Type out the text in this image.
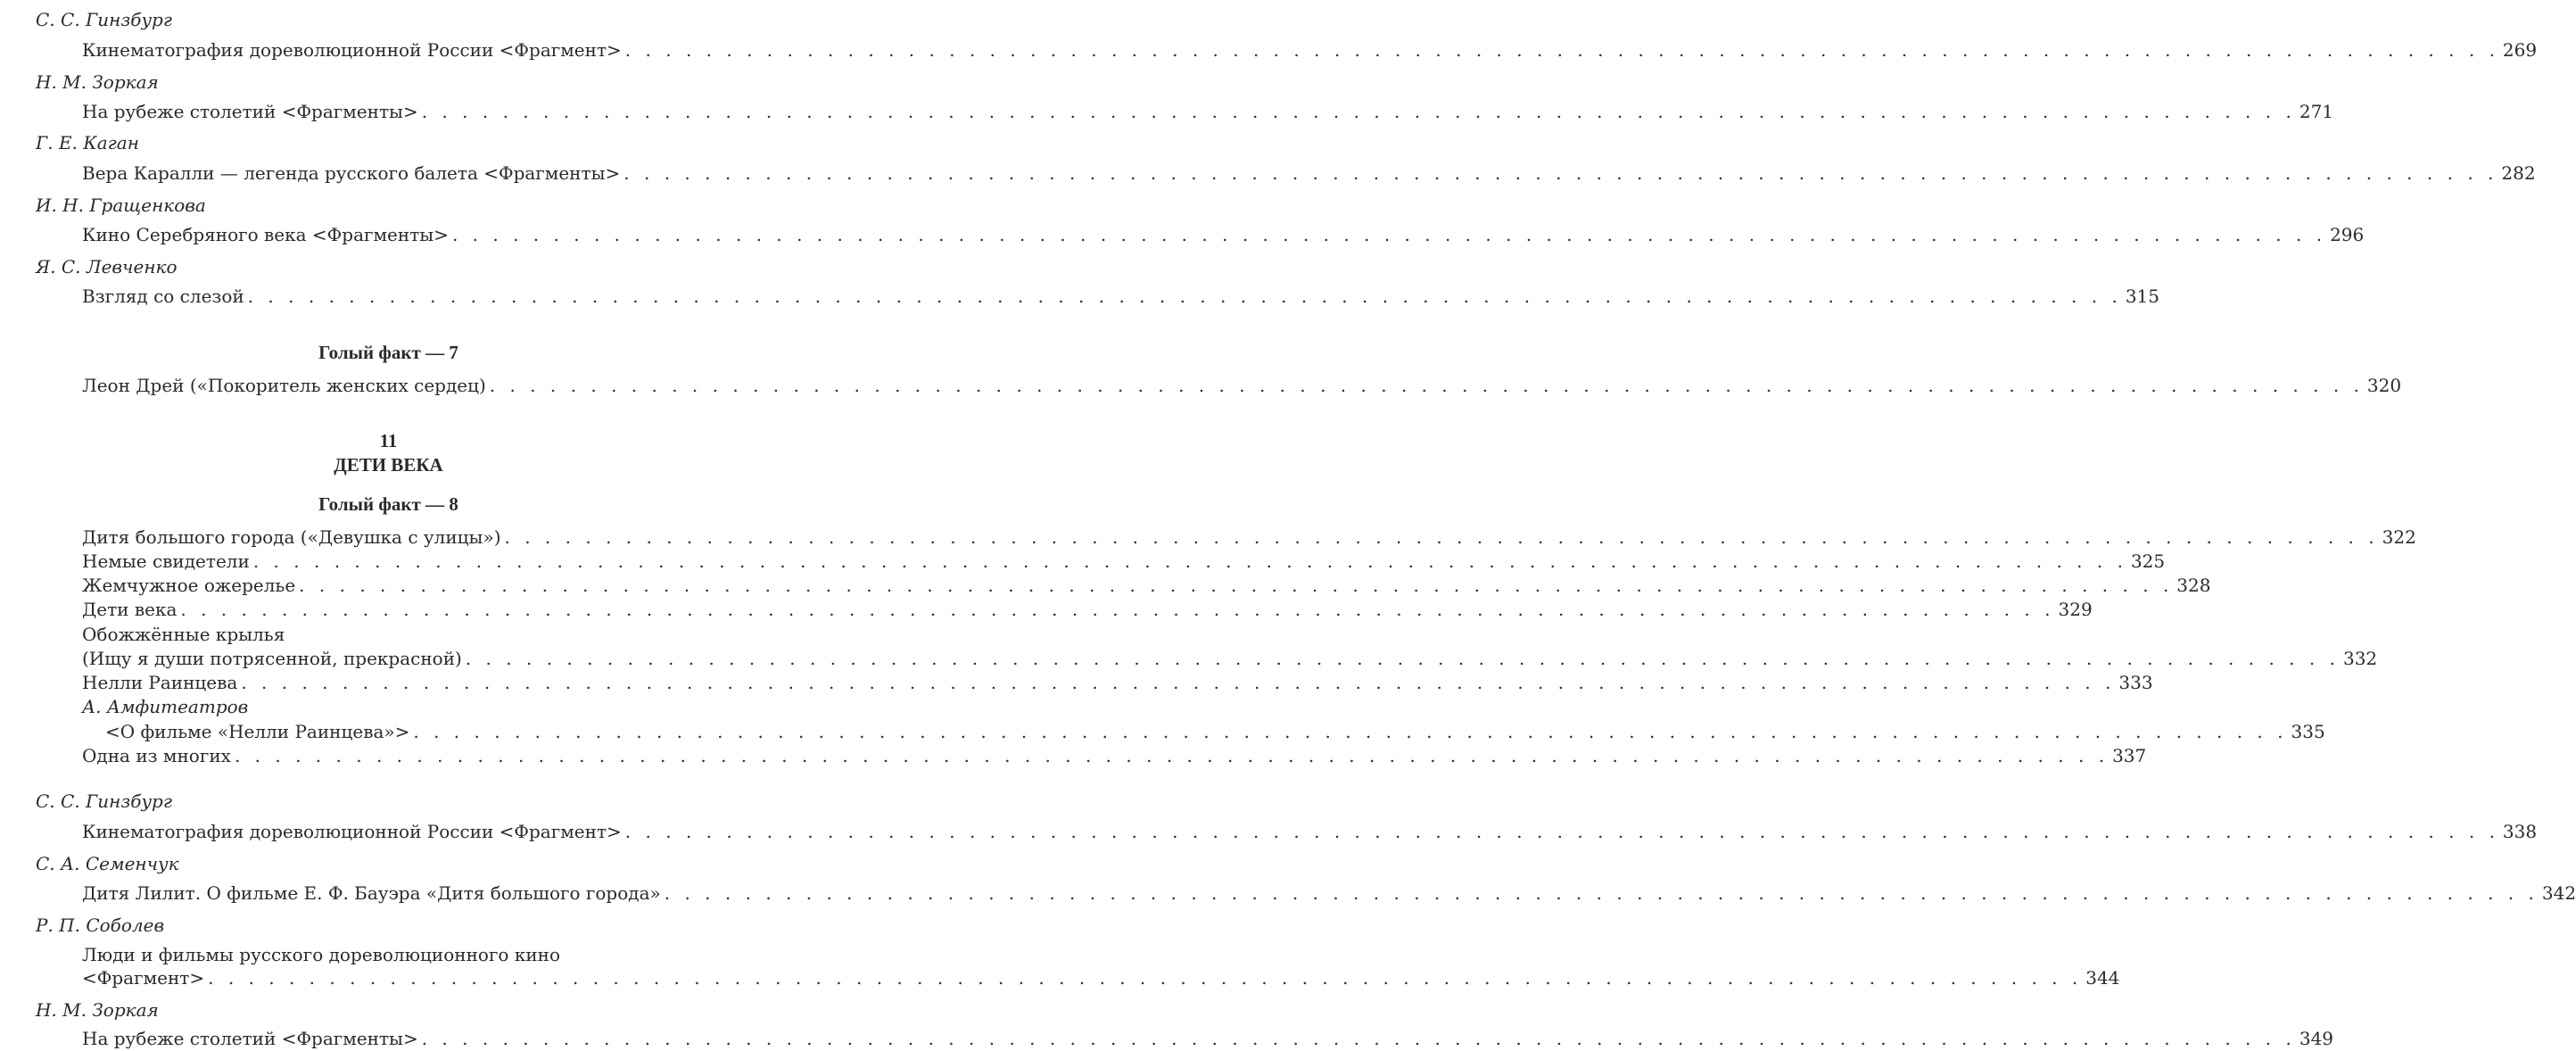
С. С. Гинзбург
Кинематография дореволюционной России <Фрагмент> . . .	269
Н. М. Зоркая
На рубеже столетий <Фрагменты> . . .	271
Г. Е. Каган
Вера Каралли — легенда русского балета <Фрагменты> . . .	282
И. Н. Гращенкова
Кино Серебряного века <Фрагменты> . . .	296
Я. С. Левченко
Взгляд со слезой . . .	315
Голый факт — 7
Леон Дрей («Покоритель женских сердец) . . .	320
11
ДЕТИ ВЕКА
Голый факт — 8
Дитя большого города («Девушка с улицы») . . .	322
Немые свидетели . . .	325
Жемчужное ожерелье . . .	328
Дети века . . .	329
Обожжённые крылья
(Ищу я души потрясенной, прекрасной) . . .	332
Нелли Раинцева . . .	333
А. Амфитеатров
<О фильме «Нелли Раинцева»> . . .	335
Одна из многих . . .	337
С. С. Гинзбург
Кинематография дореволюционной России <Фрагмент> . . .	338
С. А. Семенчук
Дитя Лилит. О фильме Е. Ф. Бауэра «Дитя большого города» . . .	342
Р. П. Соболев
Люди и фильмы русского дореволюционного кино
<Фрагмент> . . .	344
Н. М. Зоркая
На рубеже столетий <Фрагменты> . . .	349
